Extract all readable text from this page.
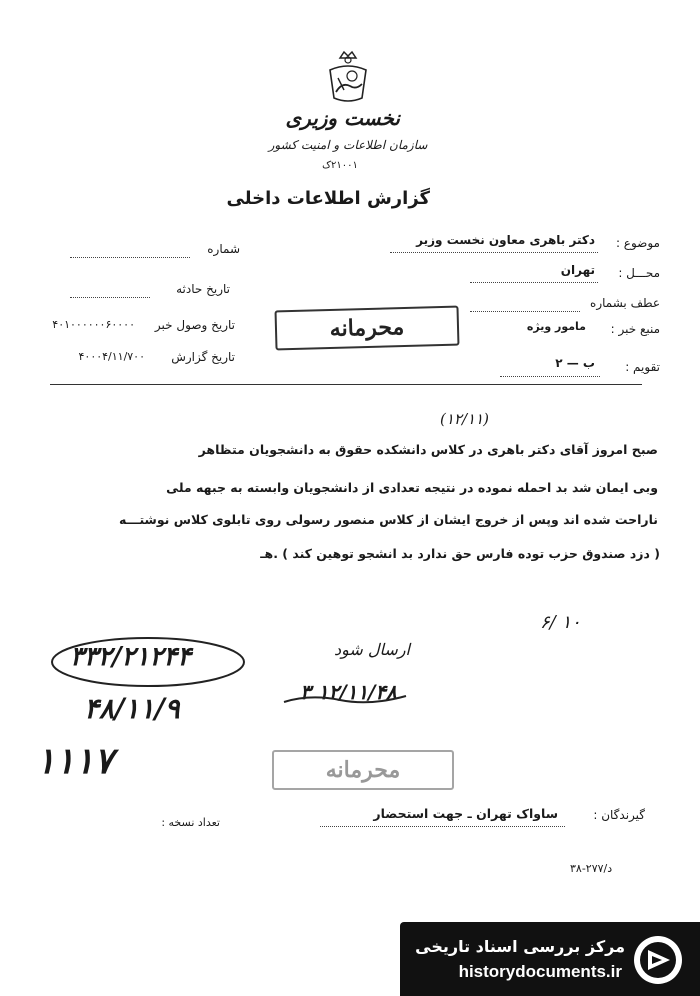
نخست وزیری
سازمان اطلاعات و امنیت کشور
۲۱۰۰۱ک
گزارش اطلاعات داخلی
موضوع :
دکتر باهری معاون نخست وزیر
محـــل :
تهران
عطف بشماره
منبع خبر :
مامور ویژه
تقویم :
ب — ۲
شماره
تاریخ حادثه
تاریخ وصول خبر
۴۰۱۰۰۰۰۰۰۶۰۰۰۰
تاریخ گزارش
۴۰۰۰۴/۱۱/۷۰۰
محرمانه
(۱۲/۱۱)
صبح امروز آقای دکتر باهری در کلاس دانشکده حقوق به دانشجویان متظاهر
وبی ایمان شد بد احمله نموده در نتیجه تعدادی از دانشجویان وابسته به جبهه ملی
ناراحت شده اند وپس از خروج ایشان از کلاس منصور رسولی روی تابلوی کلاس نوشتـــه
( دزد صندوق حزب توده فارس حق ندارد بد انشجو توهین کند ) .هـ
۶/ ۱۰
ارسال شود
۳ ۱۲/۱۱/۴۸
۳۳۲/۲۱۲۴۴
۴۸/۱۱/۹
۱۱۱۷	محرمانه
گیرندگان :
ساواک تهران ـ جهت استحضار
تعداد نسخه :
۳۸-۲۷۷/د
مرکز بررسی اسناد تاریخی
historydocuments.ir
